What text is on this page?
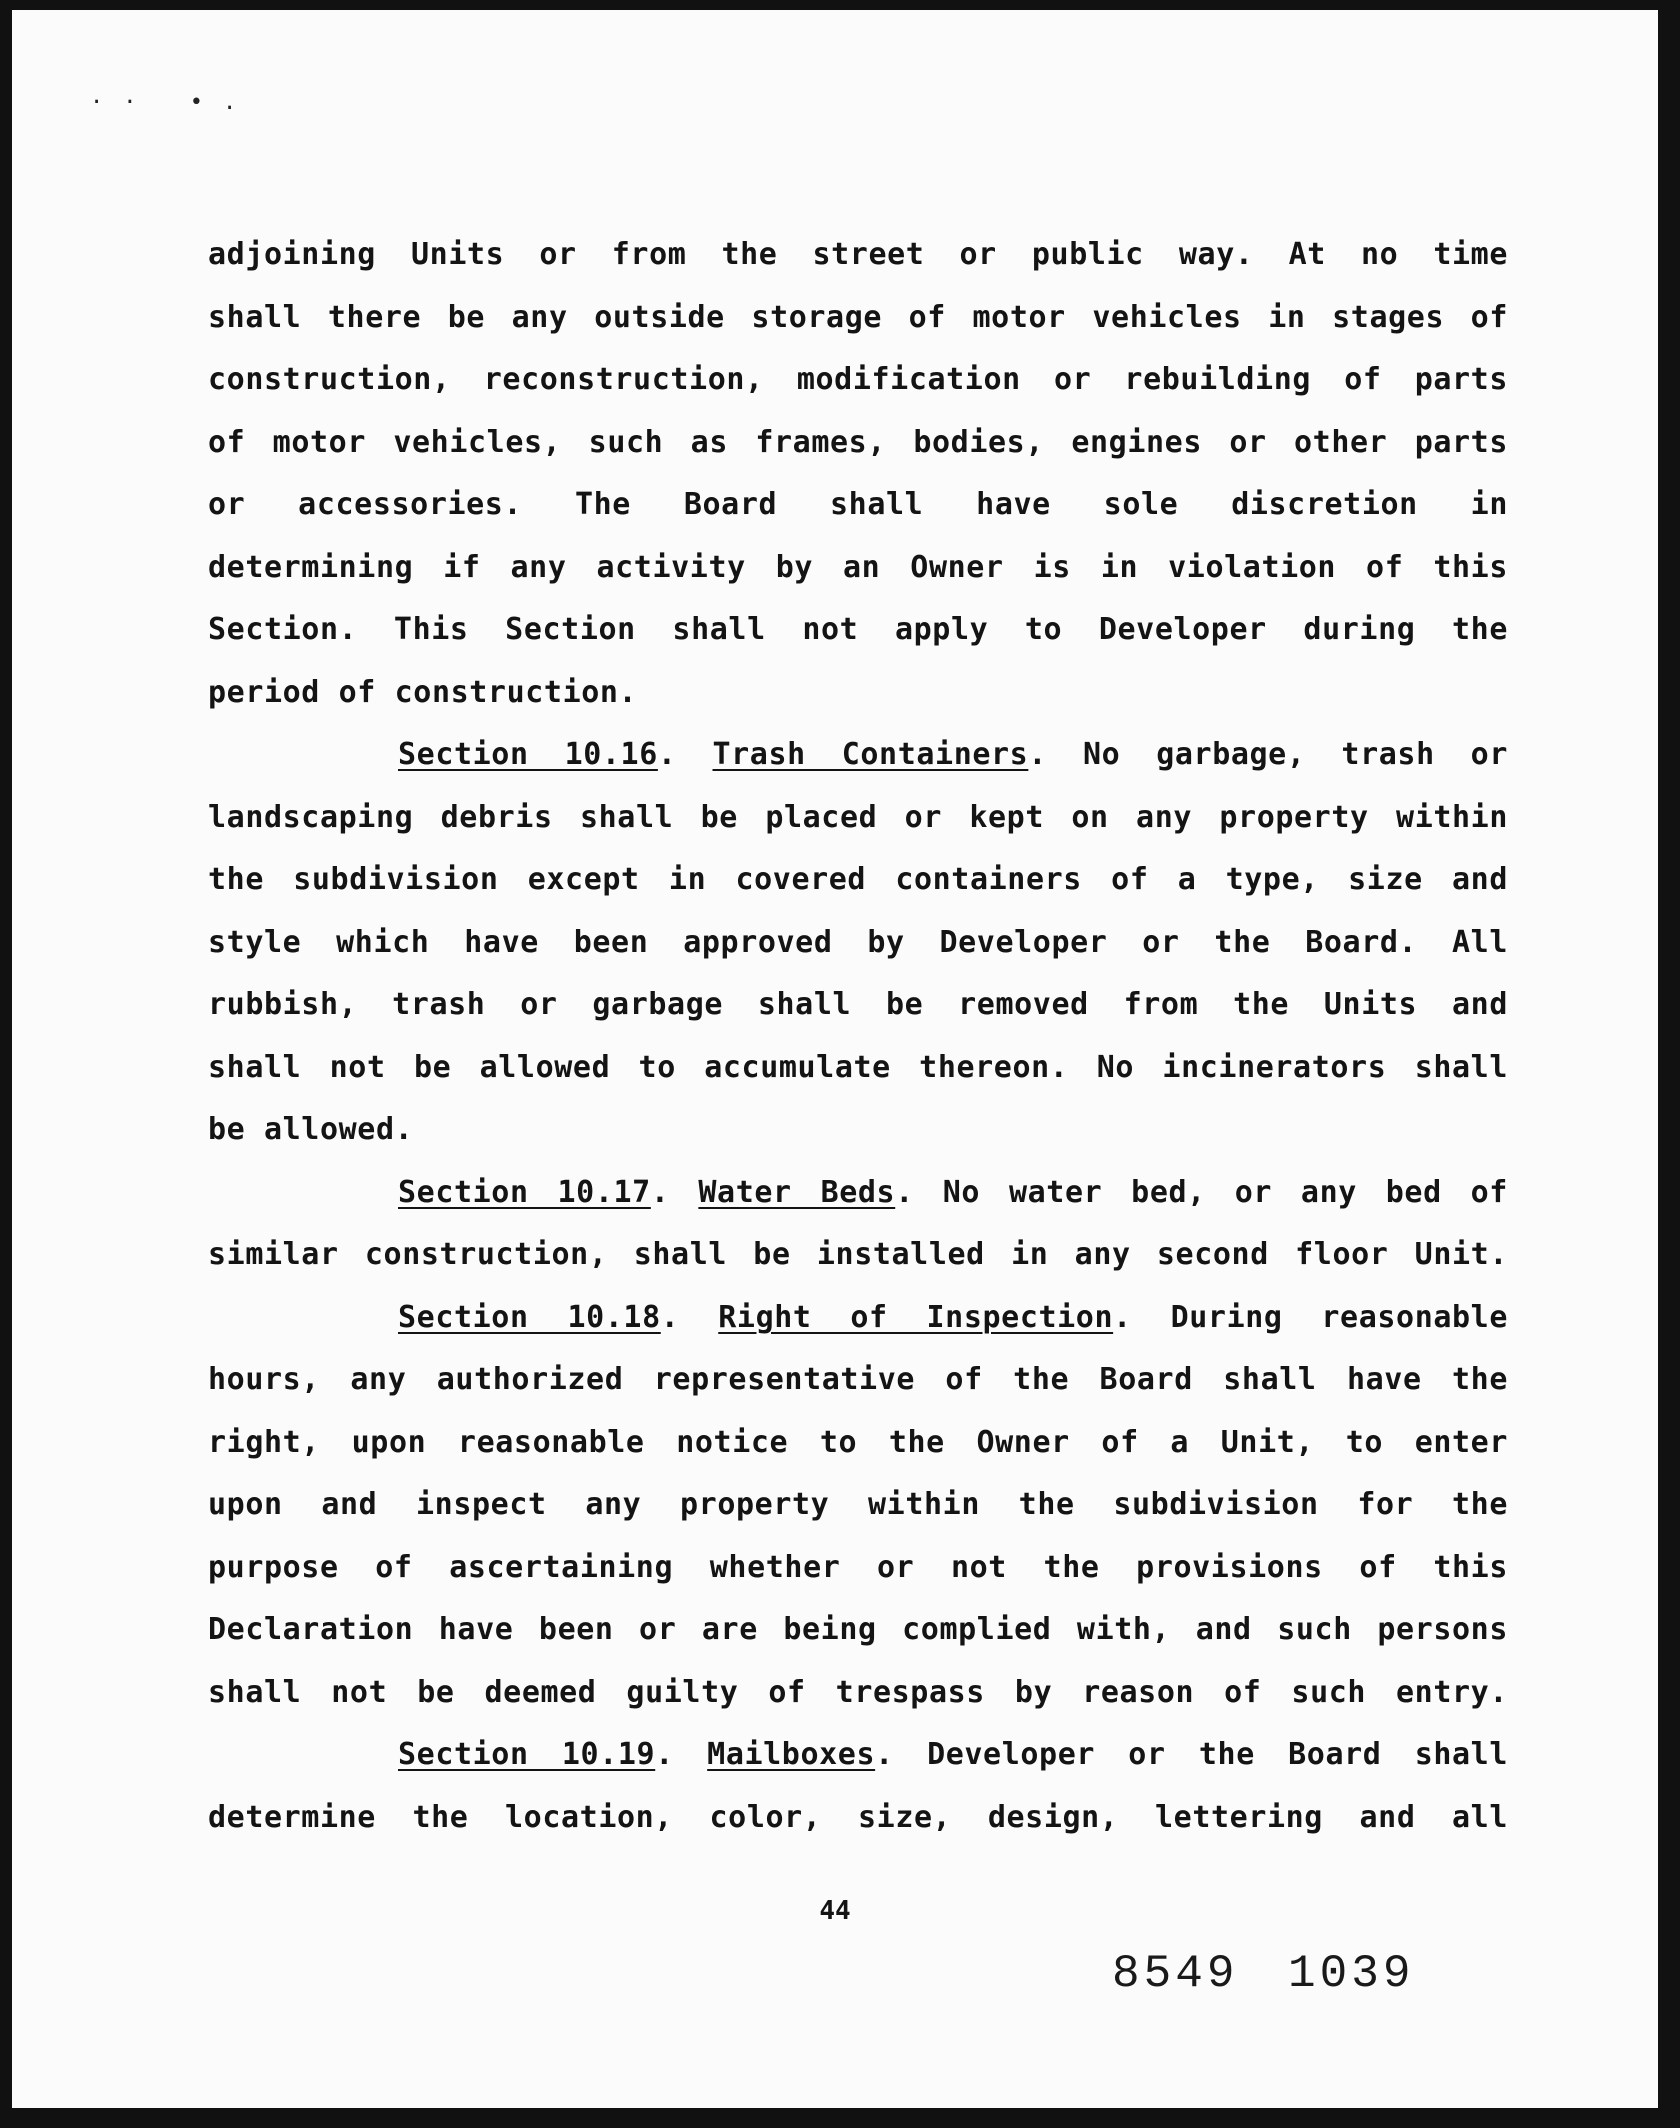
·· •.
adjoining Units or from the street or public way. At no time
shall there be any outside storage of motor vehicles in stages of
construction, reconstruction, modification or rebuilding of parts
of motor vehicles, such as frames, bodies, engines or other parts
or accessories. The Board shall have sole discretion in
determining if any activity by an Owner is in violation of this
Section. This Section shall not apply to Developer during the
period of construction.
Section 10.16. Trash Containers. No garbage, trash or
landscaping debris shall be placed or kept on any property within
the subdivision except in covered containers of a type, size and
style which have been approved by Developer or the Board. All
rubbish, trash or garbage shall be removed from the Units and
shall not be allowed to accumulate thereon. No incinerators shall
be allowed.
Section 10.17. Water Beds. No water bed, or any bed of
similar construction, shall be installed in any second floor Unit.
Section 10.18. Right of Inspection. During reasonable
hours, any authorized representative of the Board shall have the
right, upon reasonable notice to the Owner of a Unit, to enter
upon and inspect any property within the subdivision for the
purpose of ascertaining whether or not the provisions of this
Declaration have been or are being complied with, and such persons
shall not be deemed guilty of trespass by reason of such entry.
Section 10.19. Mailboxes. Developer or the Board shall
determine the location, color, size, design, lettering and all
44
8549 1039
